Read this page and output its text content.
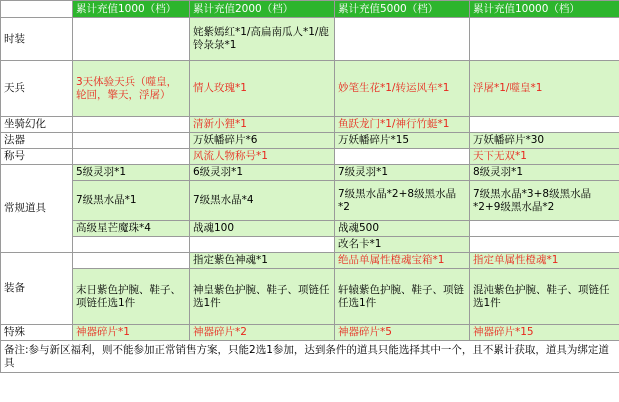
	累计充值1000（档）	累计充值2000（档）	累计充值5000（档）	累计充值10000（档）
时装		姹紫嫣红*1/高扁南瓜人*1/鹿铃彔彔*1		
天兵	3天体验天兵（噬皇，轮回，擎天，浮屠）	情人玫瑰*1	妙笔生花*1/转运风车*1	浮屠*1/噬皇*1
坐骑幻化		清新小狸*1	鱼跃龙门*1/神行竹蜓*1	
法器		万妖幡碎片*6	万妖幡碎片*15	万妖幡碎片*30
称号		风流人物称号*1		天下无双*1
常规道具	5级灵羽*1	6级灵羽*1	7级灵羽*1	8级灵羽*1
	7级黑水晶*1	7级黑水晶*4	7级黑水晶*2+8级黑水晶*2	7级黑水晶*3+8级黑水晶*2+9级黑水晶*2
	高级星芒魔珠*4	战魂100	战魂500	
			改名卡*1	
装备		指定紫色神魂*1	绝品单属性橙魂宝箱*1	指定单属性橙魂*1
	末日紫色护腕、鞋子、项链任选1件	神皇紫色护腕、鞋子、项链任选1件	轩辕紫色护腕、鞋子、项链任选1件	混沌紫色护腕、鞋子、项链任选1件
特殊	神器碎片*1	神器碎片*2	神器碎片*5	神器碎片*15
备注:参与新区福利，则不能参加正常销售方案，只能2选1参加，达到条件的道具只能选择其中一个，且不累计获取，道具为绑定道具				
